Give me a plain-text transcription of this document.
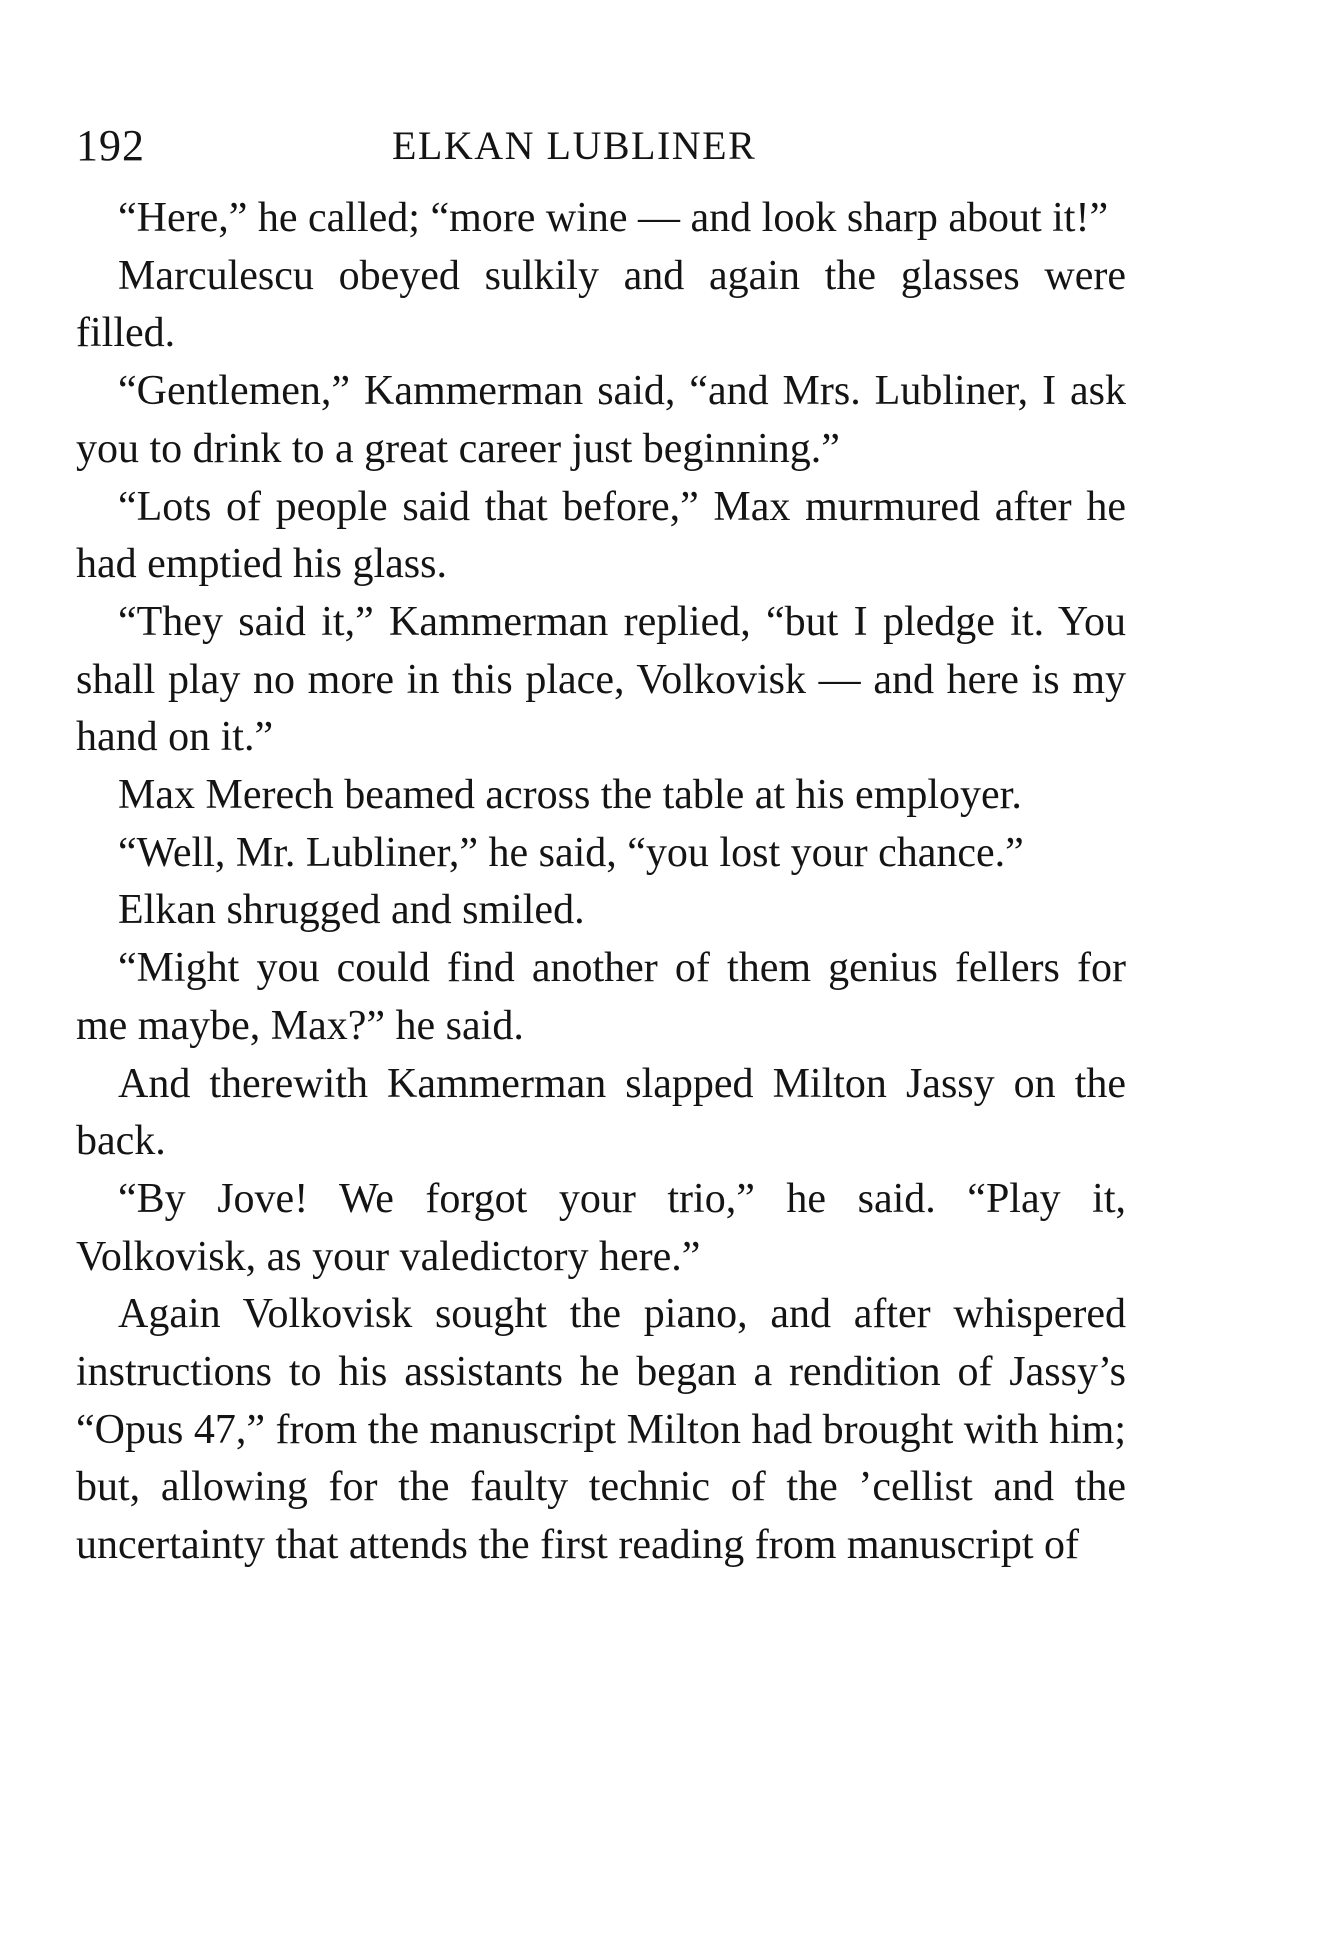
192	ELKAN LUBLINER

“Here,” he called; “more wine — and look sharp about it!”

Marculescu obeyed sulkily and again the glasses were filled.

“Gentlemen,” Kammerman said, “and Mrs. Lubliner, I ask you to drink to a great career just beginning.”

“Lots of people said that before,” Max murmured after he had emptied his glass.

“They said it,” Kammerman replied, “but I pledge it. You shall play no more in this place, Volkovisk — and here is my hand on it.”

Max Merech beamed across the table at his employer.

“Well, Mr. Lubliner,” he said, “you lost your chance.”

Elkan shrugged and smiled.

“Might you could find another of them genius fellers for me maybe, Max?” he said.

And therewith Kammerman slapped Milton Jassy on the back.

“By Jove! We forgot your trio,” he said. “Play it, Volkovisk, as your valedictory here.”

Again Volkovisk sought the piano, and after whispered instructions to his assistants he began a rendition of Jassy’s “Opus 47,” from the manuscript Milton had brought with him; but, allowing for the faulty technic of the ’cellist and the uncertainty that attends the first reading from manuscript of
